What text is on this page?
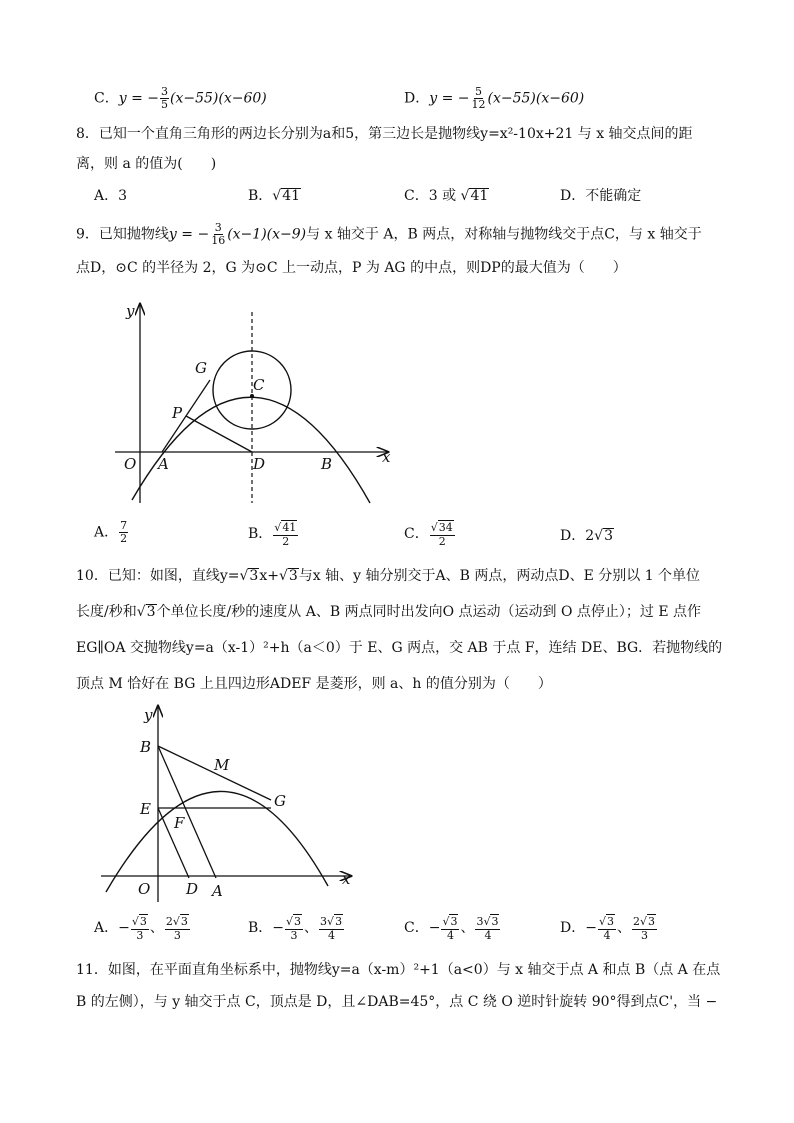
C．y = − $\frac{3}{5} (x-55)(x-60)$	D．y = − $\frac{5}{12} (x-55)(x-60)$
8．已知一个直角三角形的两边长分别为a和5，第三边长是抛物线y=x²-10x+21 与 x 轴交点间的距
离，则 a 的值为(　　)
A．3	B．√41	C．3 或 √41	D．不能确定
9．已知抛物线y = − $\frac{3}{16} (x-1)(x-9)$与 x 轴交于 A，B 两点，对称轴与抛物线交于点C，与 x 轴交于
点D，⊙C 的半径为 2，G 为⊙C 上一动点，P 为 AG 的中点，则DP的最大值为（　　）
y
x
O A	D	B
C
G
P
A． $\frac{7}{2}$	B． $\frac{√41}{2}$	C． $\frac{√34}{2}$	D．2√3
10．已知：如图，直线y=√3x+√3与x 轴、y 轴分别交于A、B 两点，两动点D、E 分别以 1 个单位
长度/秒和√3个单位长度/秒的速度从 A、B 两点同时出发向O 点运动（运动到 O 点停止）；过 E 点作
EG∥OA 交抛物线y=a（x-1）²+h（a＜0）于 E、G 两点，交 AB 于点 F，连结 DE、BG．若抛物线的
顶点 M 恰好在 BG 上且四边形ADEF 是菱形，则 a、h 的值分别为（　　）
y
x
O
B
M
E	G
F
D A
A．− $\frac{√3}{3}$ 、 $\frac{2√3}{3}$	B．− $\frac{√3}{3}$ 、 $\frac{3√3}{4}$	C．− $\frac{√3}{4}$ 、 $\frac{3√3}{4}$	D．− $\frac{√3}{4}$ 、 $\frac{2√3}{3}$
11．如图，在平面直角坐标系中，抛物线y=a（x-m）²+1（a<0）与 x 轴交于点 A 和点 B（点 A 在点
B 的左侧），与 y 轴交于点 C，顶点是 D，且∠DAB=45°，点 C 绕 O 逆时针旋转 90°得到点C'，当 −
